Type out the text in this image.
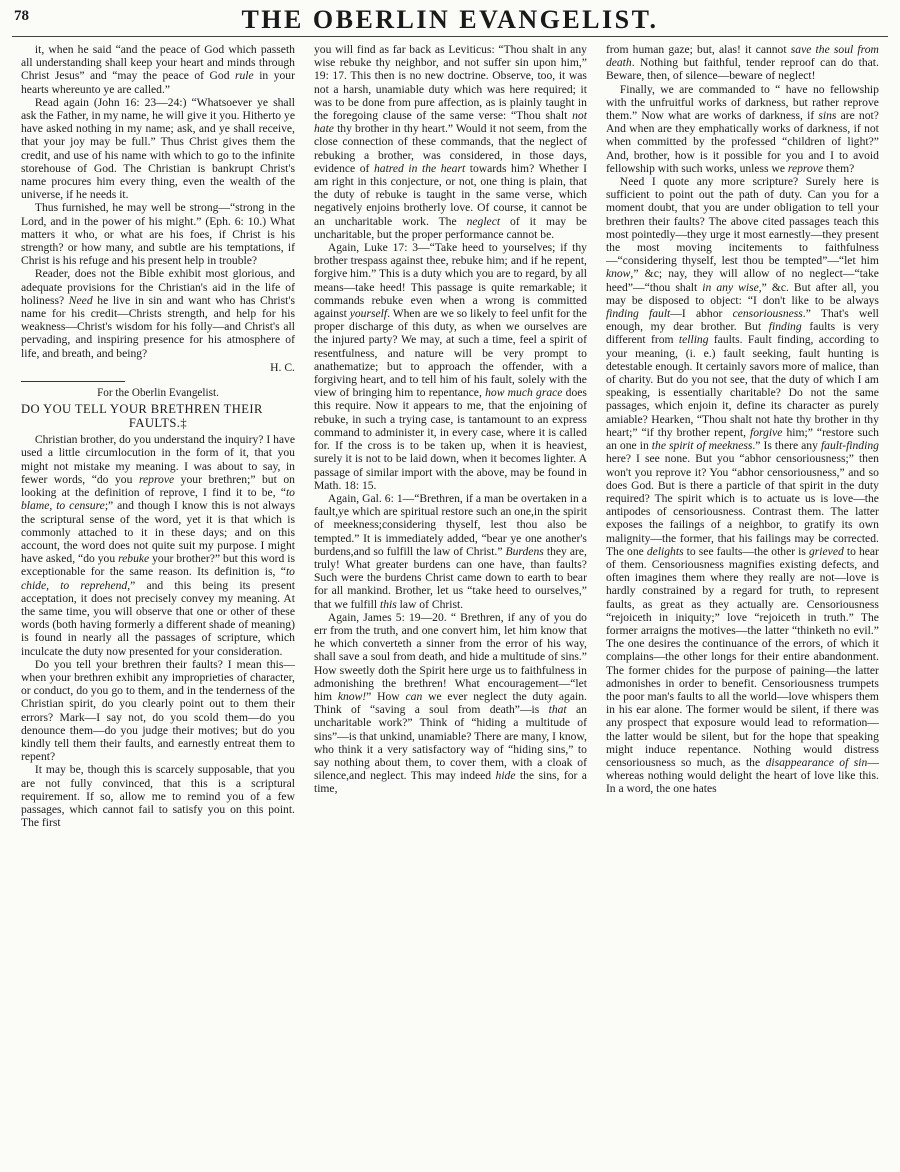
78	THE OBERLIN EVANGELIST.

it, when he said “and the peace of God which passeth all understanding shall keep your heart and minds through Christ Jesus” and “may the peace of God rule in your hearts whereunto ye are called.”

Read again (John 16: 23—24:) “Whatsoever ye shall ask the Father, in my name, he will give it you. Hitherto ye have asked nothing in my name; ask, and ye shall receive, that your joy may be full.” Thus Christ gives them the credit, and use of his name with which to go to the infinite storehouse of God. The Christian is bankrupt Christ's name procures him every thing, even the wealth of the universe, if he needs it.

Thus furnished, he may well be strong—“strong in the Lord, and in the power of his might.” (Eph. 6: 10.) What matters it who, or what are his foes, if Christ is his strength? or how many, and subtle are his temptations, if Christ is his refuge and his present help in trouble?

Reader, does not the Bible exhibit most glorious, and adequate provisions for the Christian's aid in the life of holiness? Need he live in sin and want who has Christ's name for his credit—Christs strength, and help for his weakness—Christ's wisdom for his folly—and Christ's all pervading, and inspiring presence for his atmosphere of life, and breath, and being?

H. C.

For the Oberlin Evangelist.

DO YOU TELL YOUR BRETHREN THEIR
FAULTS.‡

Christian brother, do you understand the inquiry? I have used a little circumlocution in the form of it, that you might not mistake my meaning. I was about to say, in fewer words, “do you reprove your brethren;” but on looking at the definition of reprove, I find it to be, “to blame, to censure;” and though I know this is not always the scriptural sense of the word, yet it is that which is commonly attached to it in these days; and on this account, the word does not quite suit my purpose. I might have asked, “do you rebuke your brother?” but this word is exceptionable for the same reason. Its definition is, “to chide, to reprehend,” and this being its present acceptation, it does not precisely convey my meaning. At the same time, you will observe that one or other of these words (both having formerly a different shade of meaning) is found in nearly all the passages of scripture, which inculcate the duty now presented for your consideration.

Do you tell your brethren their faults? I mean this—when your brethren exhibit any improprieties of character, or conduct, do you go to them, and in the tenderness of the Christian spirit, do you clearly point out to them their errors? Mark—I say not, do you scold them—do you denounce them—do you judge their motives; but do you kindly tell them their faults, and earnestly entreat them to repent?

It may be, though this is scarcely supposable, that you are not fully convinced, that this is a scriptural requirement. If so, allow me to remind you of a few passages, which cannot fail to satisfy you on this point. The first

you will find as far back as Leviticus: “Thou shalt in any wise rebuke thy neighbor, and not suffer sin upon him,” 19: 17. This then is no new doctrine. Observe, too, it was not a harsh, unamiable duty which was here required; it was to be done from pure affection, as is plainly taught in the foregoing clause of the same verse: “Thou shalt not hate thy brother in thy heart.” Would it not seem, from the close connection of these commands, that the neglect of rebuking a brother, was considered, in those days, evidence of hatred in the heart towards him? Whether I am right in this conjecture, or not, one thing is plain, that the duty of rebuke is taught in the same verse, which negatively enjoins brotherly love. Of course, it cannot be an uncharitable work. The neglect of it may be uncharitable, but the proper performance cannot be.

Again, Luke 17: 3—“Take heed to yourselves; if thy brother trespass against thee, rebuke him; and if he repent, forgive him.” This is a duty which you are to regard, by all means—take heed! This passage is quite remarkable; it commands rebuke even when a wrong is committed against yourself. When are we so likely to feel unfit for the proper discharge of this duty, as when we ourselves are the injured party? We may, at such a time, feel a spirit of resentfulness, and nature will be very prompt to anathematize; but to approach the offender, with a forgiving heart, and to tell him of his fault, solely with the view of bringing him to repentance, how much grace does this require. Now it appears to me, that the enjoining of rebuke, in such a trying case, is tantamount to an express command to administer it, in every case, where it is called for. If the cross is to be taken up, when it is heaviest, surely it is not to be laid down, when it becomes lighter. A passage of similar import with the above, may be found in Math. 18: 15.

Again, Gal. 6: 1—“Brethren, if a man be overtaken in a fault,ye which are spiritual restore such an one,in the spirit of meekness;considering thyself, lest thou also be tempted.” It is immediately added, “bear ye one another's burdens,and so fulfill the law of Christ.” Burdens they are, truly! What greater burdens can one have, than faults? Such were the burdens Christ came down to earth to bear for all mankind. Brother, let us “take heed to ourselves,” that we fulfill this law of Christ.

Again, James 5: 19—20. “ Brethren, if any of you do err from the truth, and one convert him, let him know that he which converteth a sinner from the error of his way, shall save a soul from death, and hide a multitude of sins.” How sweetly doth the Spirit here urge us to faithfulness in admonishing the brethren! What encouragement—“let him know!” How can we ever neglect the duty again. Think of “saving a soul from death”—is that an uncharitable work?” Think of “hiding a multitude of sins”—is that unkind, unamiable? There are many, I know, who think it a very satisfactory way of “hiding sins,” to say nothing about them, to cover them, with a cloak of silence,and neglect. This may indeed hide the sins, for a time,

from human gaze; but, alas! it cannot save the soul from death. Nothing but faithful, tender reproof can do that. Beware, then, of silence—beware of neglect!

Finally, we are commanded to “ have no fellowship with the unfruitful works of darkness, but rather reprove them.” Now what are works of darkness, if sins are not? And when are they emphatically works of darkness, if not when committed by the professed “children of light?” And, brother, how is it possible for you and I to avoid fellowship with such works, unless we reprove them?

Need I quote any more scripture? Surely here is sufficient to point out the path of duty. Can you for a moment doubt, that you are under obligation to tell your brethren their faults? The above cited passages teach this most pointedly—they urge it most earnestly—they present the most moving incitements to faithfulness—“considering thyself, lest thou be tempted”—“let him know,” &c; nay, they will allow of no neglect—“take heed”—“thou shalt in any wise,” &c. But after all, you may be disposed to object: “I don't like to be always finding fault—I abhor censoriousness.” That's well enough, my dear brother. But finding faults is very different from telling faults. Fault finding, according to your meaning, (i. e.) fault seeking, fault hunting is detestable enough. It certainly savors more of malice, than of charity. But do you not see, that the duty of which I am speaking, is essentially charitable? Do not the same passages, which enjoin it, define its character as purely amiable? Hearken, “Thou shalt not hate thy brother in thy heart;” “if thy brother repent, forgive him;” “restore such an one in the spirit of meekness.” Is there any fault-finding here? I see none. But you “abhor censoriousness;” then won't you reprove it? You “abhor censoriousness,” and so does God. But is there a particle of that spirit in the duty required? The spirit which is to actuate us is love—the antipodes of censoriousness. Contrast them. The latter exposes the failings of a neighbor, to gratify its own malignity—the former, that his failings may be corrected. The one delights to see faults—the other is grieved to hear of them. Censoriousness magnifies existing defects, and often imagines them where they really are not—love is hardly constrained by a regard for truth, to represent faults, as great as they actually are. Censoriousness “rejoiceth in iniquity;” love “rejoiceth in truth.” The former arraigns the motives—the latter “thinketh no evil.” The one desires the continuance of the errors, of which it complains—the other longs for their entire abandonment. The former chides for the purpose of paining—the latter admonishes in order to benefit. Censoriousness trumpets the poor man's faults to all the world—love whispers them in his ear alone. The former would be silent, if there was any prospect that exposure would lead to reformation—the latter would be silent, but for the hope that speaking might induce repentance. Nothing would distress censoriousness so much, as the disappearance of sin—whereas nothing would delight the heart of love like this. In a word, the one hates
